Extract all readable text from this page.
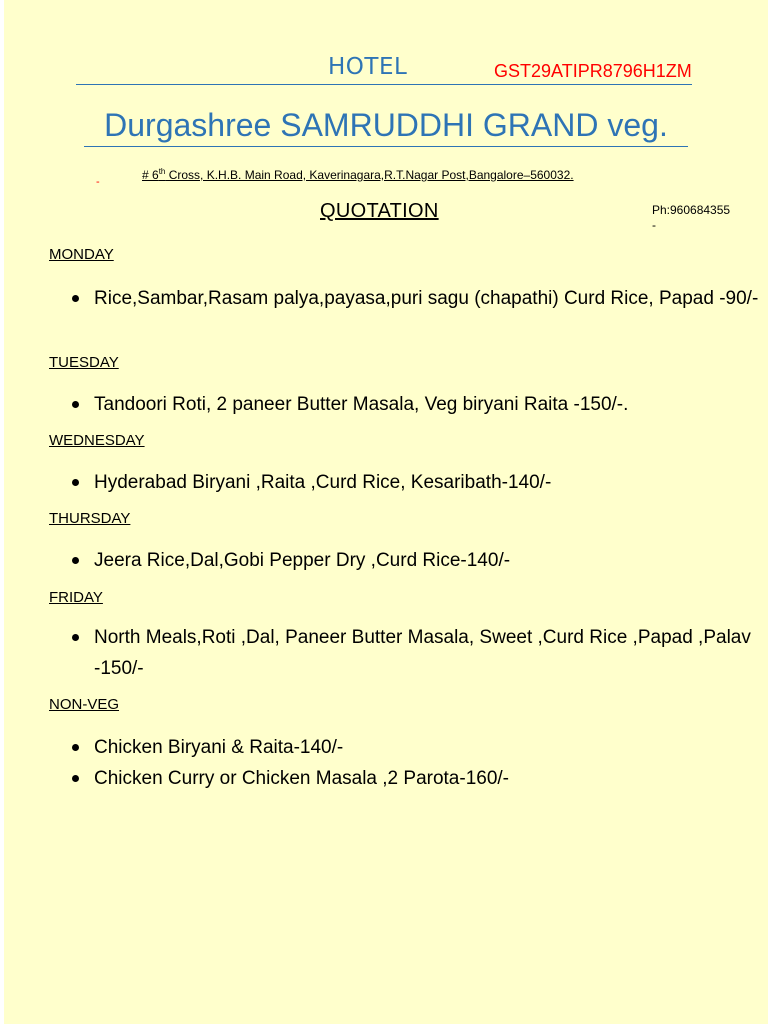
HOTEL	GST29ATIPR8796H1ZM
Durgashree SAMRUDDHI GRAND veg.
-	# 6th Cross, K.H.B. Main Road, Kaverinagara,R.T.Nagar Post,Bangalore–560032.
QUOTATION	Ph:960684355
-
MONDAY
Rice,Sambar,Rasam palya,payasa,puri sagu (chapathi) Curd Rice, Papad -90/-
TUESDAY
Tandoori Roti, 2 paneer Butter Masala, Veg biryani Raita -150/-.
WEDNESDAY
Hyderabad Biryani ,Raita ,Curd Rice, Kesaribath-140/-
THURSDAY
Jeera Rice,Dal,Gobi Pepper Dry ,Curd Rice-140/-
FRIDAY
North Meals,Roti ,Dal, Paneer Butter Masala, Sweet ,Curd Rice ,Papad ,Palav -150/-
NON-VEG
Chicken Biryani & Raita-140/-
Chicken Curry or Chicken Masala ,2 Parota-160/-
